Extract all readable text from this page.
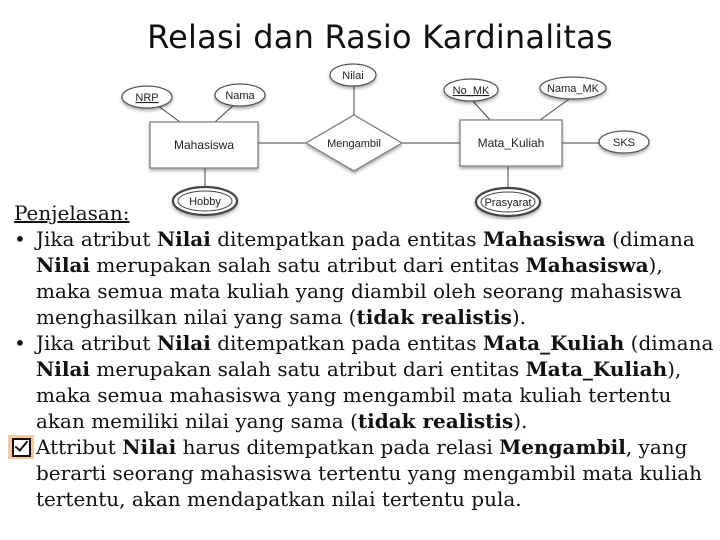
Relasi dan Rasio Kardinalitas
Mahasiswa	Mata_Kuliah
Mengambil
NRP	Nama
Hobby
Nilai
No_MK	Nama_MK
SKS
Prasyarat
Penjelasan:
• Jika atribut Nilai ditempatkan pada entitas Mahasiswa (dimana Nilai merupakan salah satu atribut dari entitas Mahasiswa), maka semua mata kuliah yang diambil oleh seorang mahasiswa menghasilkan nilai yang sama (tidak realistis).
• Jika atribut Nilai ditempatkan pada entitas Mata_Kuliah (dimana Nilai merupakan salah satu atribut dari entitas Mata_Kuliah), maka semua mahasiswa yang mengambil mata kuliah tertentu akan memiliki nilai yang sama (tidak realistis).
Attribut Nilai harus ditempatkan pada relasi Mengambil, yang berarti seorang mahasiswa tertentu yang mengambil mata kuliah tertentu, akan mendapatkan nilai tertentu pula.
